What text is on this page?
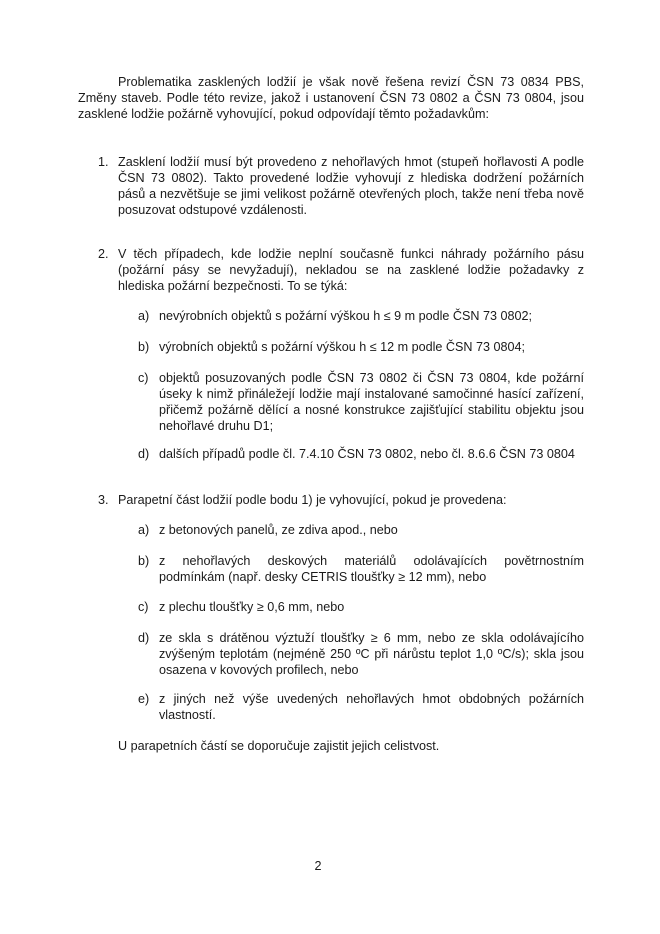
Problematika zasklených lodžií je však nově řešena revizí ČSN 73 0834 PBS, Změny staveb. Podle této revize, jakož i ustanovení ČSN 73 0802 a ČSN 73 0804, jsou zasklené lodžie požárně vyhovující, pokud odpovídají těmto požadavkům:

1. Zasklení lodžií musí být provedeno z nehořlavých hmot (stupeň hořlavosti A podle ČSN 73 0802). Takto provedené lodžie vyhovují z hlediska dodržení požárních pásů a nezvětšuje se jimi velikost požárně otevřených ploch, takže není třeba nově posuzovat odstupové vzdálenosti.
2. V těch případech, kde lodžie neplní současně funkci náhrady požárního pásu (požární pásy se nevyžadují), nekladou se na zasklené lodžie požadavky z hlediska požární bezpečnosti. To se týká:
a) nevýrobních objektů s požární výškou h ≤ 9 m podle ČSN 73 0802;
b) výrobních objektů s požární výškou h ≤ 12 m podle ČSN 73 0804;
c) objektů posuzovaných podle ČSN 73 0802 či ČSN 73 0804, kde požární úseky k nimž přináležejí lodžie mají instalované samočinné hasící zařízení, přičemž požárně dělící a nosné konstrukce zajišťující stabilitu objektu jsou nehořlavé druhu D1;
d) dalších případů podle čl. 7.4.10 ČSN 73 0802, nebo čl. 8.6.6 ČSN 73 0804
3. Parapetní část lodžií podle bodu 1) je vyhovující, pokud je provedena:
a) z betonových panelů, ze zdiva apod., nebo
b) z nehořlavých deskových materiálů odolávajících povětrnostním podmínkám (např. desky CETRIS tloušťky ≥ 12 mm), nebo
c) z plechu tloušťky ≥ 0,6 mm, nebo
d) ze skla s drátěnou výztuží tloušťky ≥ 6 mm, nebo ze skla odolávajícího zvýšeným teplotám (nejméně 250 ºC při nárůstu teplot 1,0 ºC/s); skla jsou osazena v kovových profilech, nebo
e) z jiných než výše uvedených nehořlavých hmot obdobných požárních vlastností.

U parapetních částí se doporučuje zajistit jejich celistvost.

2
